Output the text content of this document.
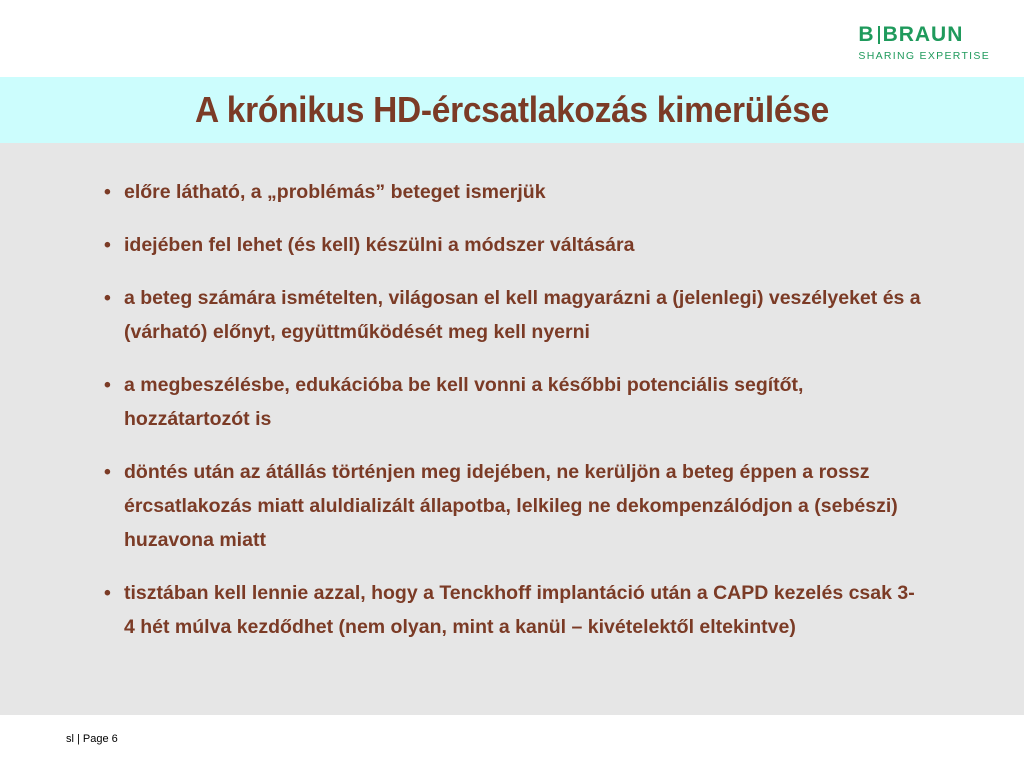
B BRAUN
SHARING EXPERTISE
A krónikus HD-ércsatlakozás kimerülése
• előre látható, a „problémás” beteget ismerjük
• idejében fel lehet (és kell) készülni a módszer váltására
• a beteg számára ismételten, világosan el kell magyarázni a (jelenlegi) veszélyeket és a (várható) előnyt, együttműködését meg kell nyerni
• a megbeszélésbe, edukációba be kell vonni a későbbi potenciális segítőt, hozzátartozót is
• döntés után az átállás történjen meg idejében, ne kerüljön a beteg éppen a rossz ércsatlakozás miatt aluldializált állapotba, lelkileg ne dekompenzálódjon a (sebészi) huzavona miatt
• tisztában kell lennie azzal, hogy a Tenckhoff implantáció után a CAPD kezelés csak 3-4 hét múlva kezdődhet (nem olyan, mint a kanül – kivételektől eltekintve)
sl | Page 6
